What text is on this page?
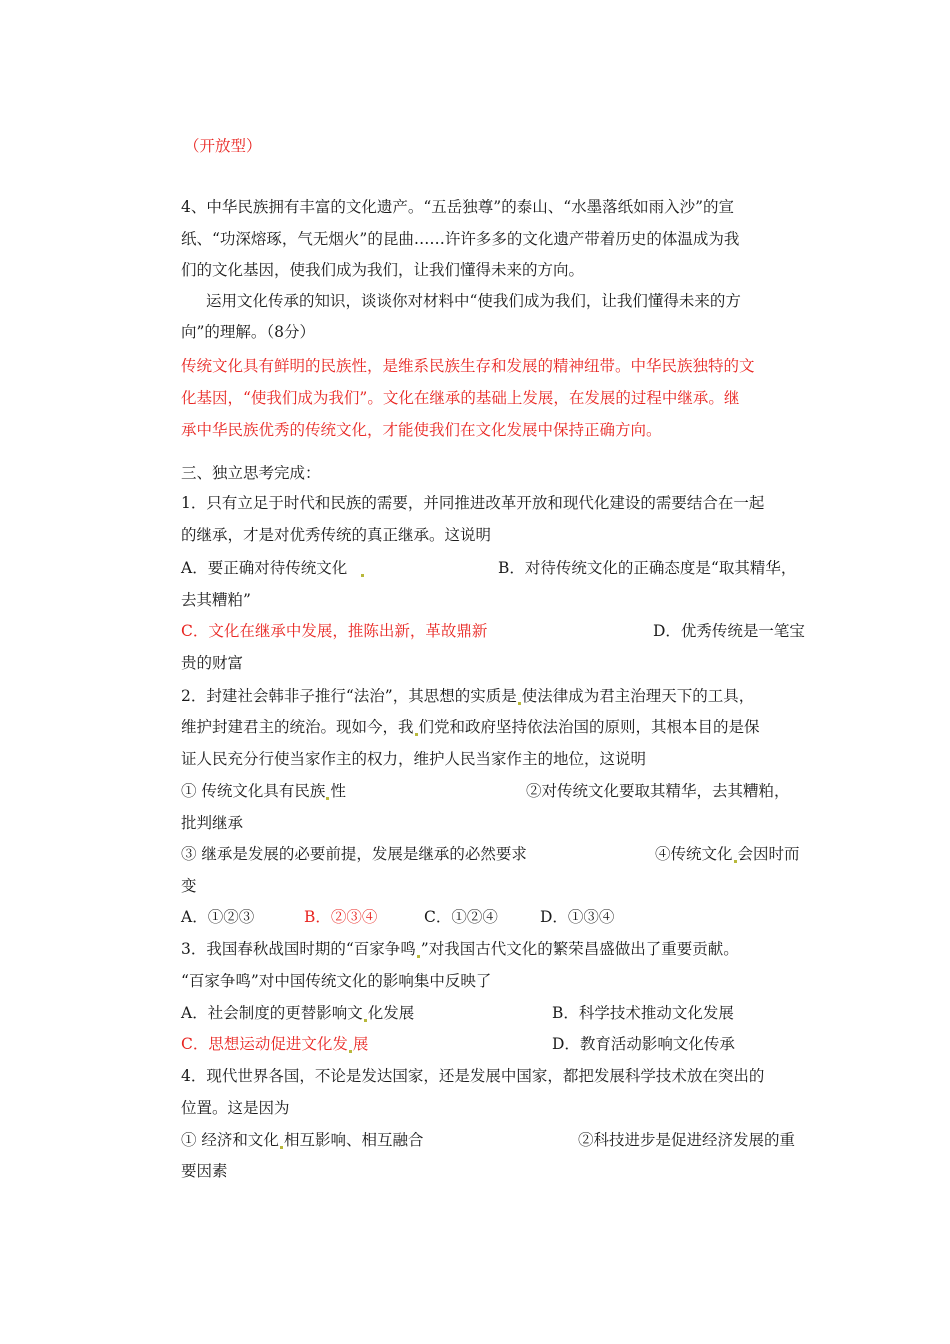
（开放型）
4、中华民族拥有丰富的文化遗产。“五岳独尊”的泰山、“水墨落纸如雨入沙”的宣
纸、“功深熔琢，气无烟火”的昆曲……许许多多的文化遗产带着历史的体温成为我
们的文化基因，使我们成为我们，让我们懂得未来的方向。
运用文化传承的知识，谈谈你对材料中“使我们成为我们，让我们懂得未来的方
向”的理解。（8分）
传统文化具有鲜明的民族性，是维系民族生存和发展的精神纽带。中华民族独特的文
化基因，“使我们成为我们”。文化在继承的基础上发展，在发展的过程中继承。继
承中华民族优秀的传统文化，才能使我们在文化发展中保持正确方向。
三、独立思考完成：
1．只有立足于时代和民族的需要，并同推进改革开放和现代化建设的需要结合在一起
的继承，才是对优秀传统的真正继承。这说明
A．要正确对待传统文化	B．对待传统文化的正确态度是“取其精华，
去其糟粕”
C．文化在继承中发展，推陈出新，革故鼎新	D．优秀传统是一笔宝
贵的财富
2．封建社会韩非子推行“法治”，其思想的实质是 使法律成为君主治理天下的工具，
维护封建君主的统治。现如今，我 们党和政府坚持依法治国的原则，其根本目的是保
证人民充分行使当家作主的权力，维护人民当家作主的地位，这说明
① 传统文化具有民族 性	②对传统文化要取其精华，去其糟粕，
批判继承
③ 继承是发展的必要前提，发展是继承的必然要求	④传统文化 会因时而
变
A．①②③	B．②③④	C．①②④	D．①③④
3．我国春秋战国时期的“百家争鸣 ”对我国古代文化的繁荣昌盛做出了重要贡献。
“百家争鸣”对中国传统文化的影响集中反映了
A．社会制度的更替影响文 化发展	B．科学技术推动文化发展
C．思想运动促进文化发 展	D．教育活动影响文化传承
4．现代世界各国，不论是发达国家，还是发展中国家，都把发展科学技术放在突出的
位置。这是因为
① 经济和文化 相互影响、相互融合	②科技进步是促进经济发展的重
要因素
